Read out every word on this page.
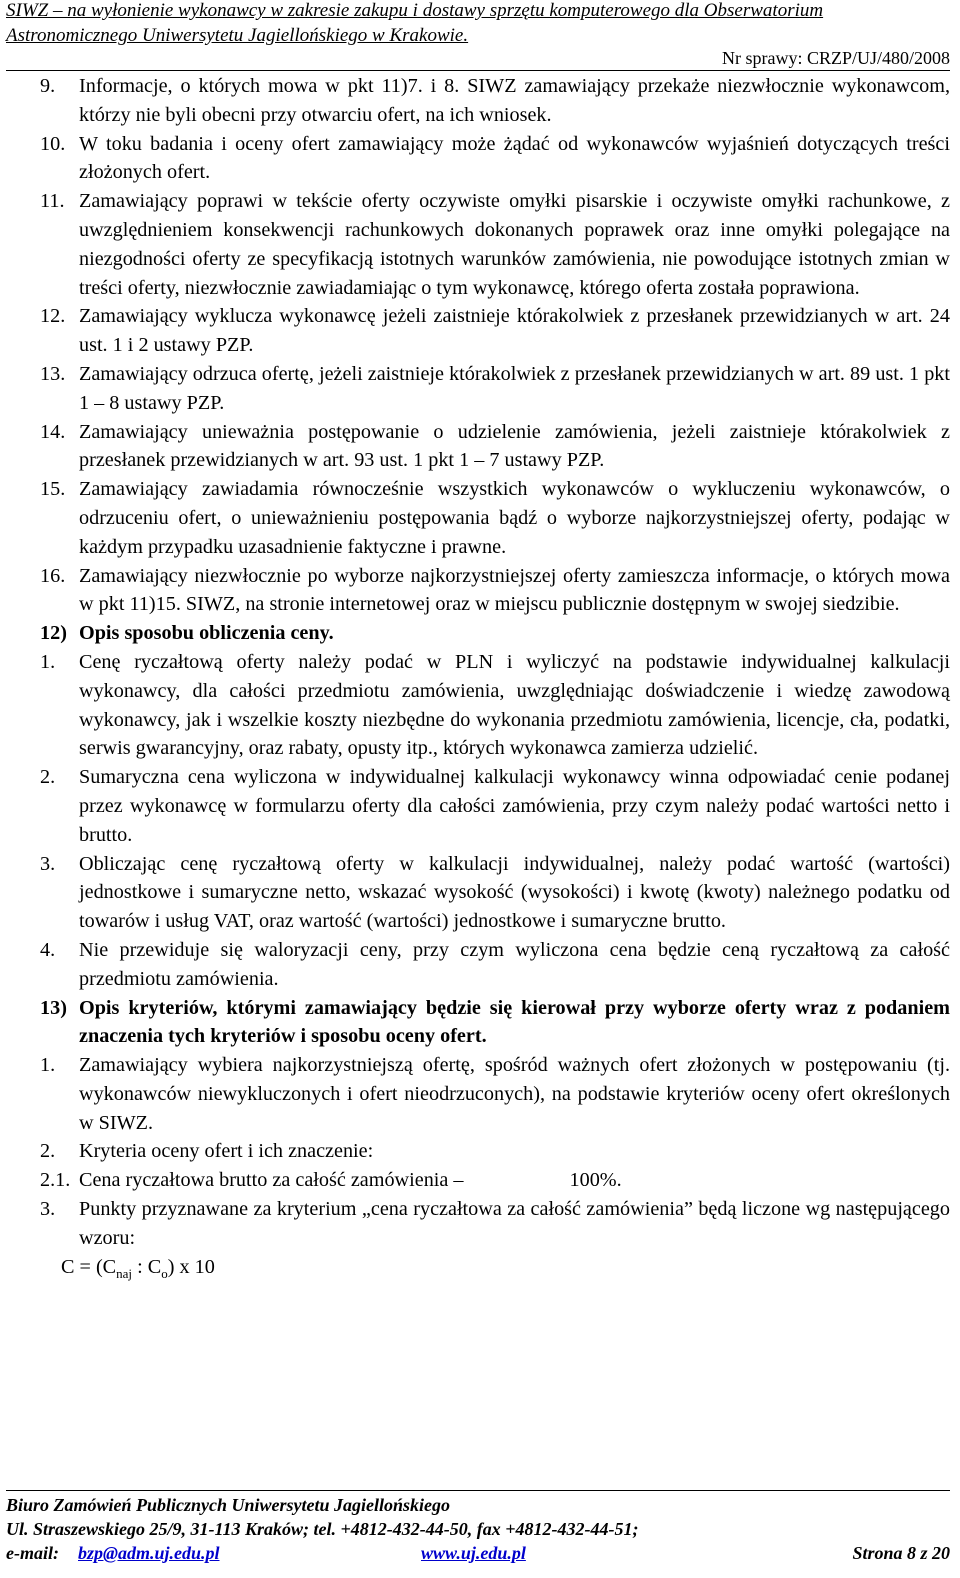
SIWZ – na wyłonienie wykonawcy w zakresie zakupu i dostawy sprzętu komputerowego dla Obserwatorium
Astronomicznego Uniwersytetu Jagiellońskiego w Krakowie.
Nr sprawy: CRZP/UJ/480/2008
9.	Informacje, o których mowa w pkt 11)7. i 8. SIWZ zamawiający przekaże niezwłocznie wykonawcom, którzy nie byli obecni przy otwarciu ofert, na ich wniosek.
10. W toku badania i oceny ofert zamawiający może żądać od wykonawców wyjaśnień dotyczących treści złożonych ofert.
11. Zamawiający poprawi w tekście oferty oczywiste omyłki pisarskie i oczywiste omyłki rachunkowe, z uwzględnieniem konsekwencji rachunkowych dokonanych poprawek oraz inne omyłki polegające na niezgodności oferty ze specyfikacją istotnych warunków zamówienia, nie powodujące istotnych zmian w treści oferty, niezwłocznie zawiadamiając o tym wykonawcę, którego oferta została poprawiona.
12. Zamawiający wyklucza wykonawcę jeżeli zaistnieje którakolwiek z przesłanek przewidzianych w art. 24 ust. 1 i 2 ustawy PZP.
13. Zamawiający odrzuca ofertę, jeżeli zaistnieje którakolwiek z przesłanek przewidzianych w art. 89 ust. 1 pkt 1 – 8 ustawy PZP.
14. Zamawiający unieważnia postępowanie o udzielenie zamówienia, jeżeli zaistnieje którakolwiek z przesłanek przewidzianych w art. 93 ust. 1 pkt 1 – 7 ustawy PZP.
15. Zamawiający zawiadamia równocześnie wszystkich wykonawców o wykluczeniu wykonawców, o odrzuceniu ofert, o unieważnieniu postępowania bądź o wyborze najkorzystniejszej oferty, podając w każdym przypadku uzasadnienie faktyczne i prawne.
16. Zamawiający niezwłocznie po wyborze najkorzystniejszej oferty zamieszcza informacje, o których mowa w pkt 11)15. SIWZ, na stronie internetowej oraz w miejscu publicznie dostępnym w swojej siedzibie.
12) Opis sposobu obliczenia ceny.
1.	Cenę ryczałtową oferty należy podać w PLN i wyliczyć na podstawie indywidualnej kalkulacji wykonawcy, dla całości przedmiotu zamówienia, uwzględniając doświadczenie i wiedzę zawodową wykonawcy, jak i wszelkie koszty niezbędne do wykonania przedmiotu zamówienia, licencje, cła, podatki, serwis gwarancyjny, oraz rabaty, opusty itp., których wykonawca zamierza udzielić.
2.	Sumaryczna cena wyliczona w indywidualnej kalkulacji wykonawcy winna odpowiadać cenie podanej przez wykonawcę w formularzu oferty dla całości zamówienia, przy czym należy podać wartości netto i brutto.
3.	Obliczając cenę ryczałtową oferty w kalkulacji indywidualnej, należy podać wartość (wartości) jednostkowe i sumaryczne netto, wskazać wysokość (wysokości) i kwotę (kwoty) należnego podatku od towarów i usług VAT, oraz wartość (wartości) jednostkowe i sumaryczne brutto.
4.	Nie przewiduje się waloryzacji ceny, przy czym wyliczona cena będzie ceną ryczałtową za całość przedmiotu zamówienia.
13) Opis kryteriów, którymi zamawiający będzie się kierował przy wyborze oferty wraz z podaniem znaczenia tych kryteriów i sposobu oceny ofert.
1.	Zamawiający wybiera najkorzystniejszą ofertę, spośród ważnych ofert złożonych w postępowaniu (tj. wykonawców niewykluczonych i ofert nieodrzuconych), na podstawie kryteriów oceny ofert określonych w SIWZ.
2.	Kryteria oceny ofert i ich znaczenie:
2.1. Cena ryczałtowa brutto za całość zamówienia –	100%.
3.	Punkty przyznawane za kryterium „cena ryczałtowa za całość zamówienia” będą liczone wg następującego wzoru:
$C = (C_{naj}$ : $C_o$) x 10
Biuro Zamówień Publicznych Uniwersytetu Jagiellońskiego
Ul. Straszewskiego 25/9, 31-113 Kraków; tel. +4812-432-44-50, fax +4812-432-44-51;
e-mail: bzp@adm.uj.edu.pl	www.uj.edu.pl	Strona 8 z 20
